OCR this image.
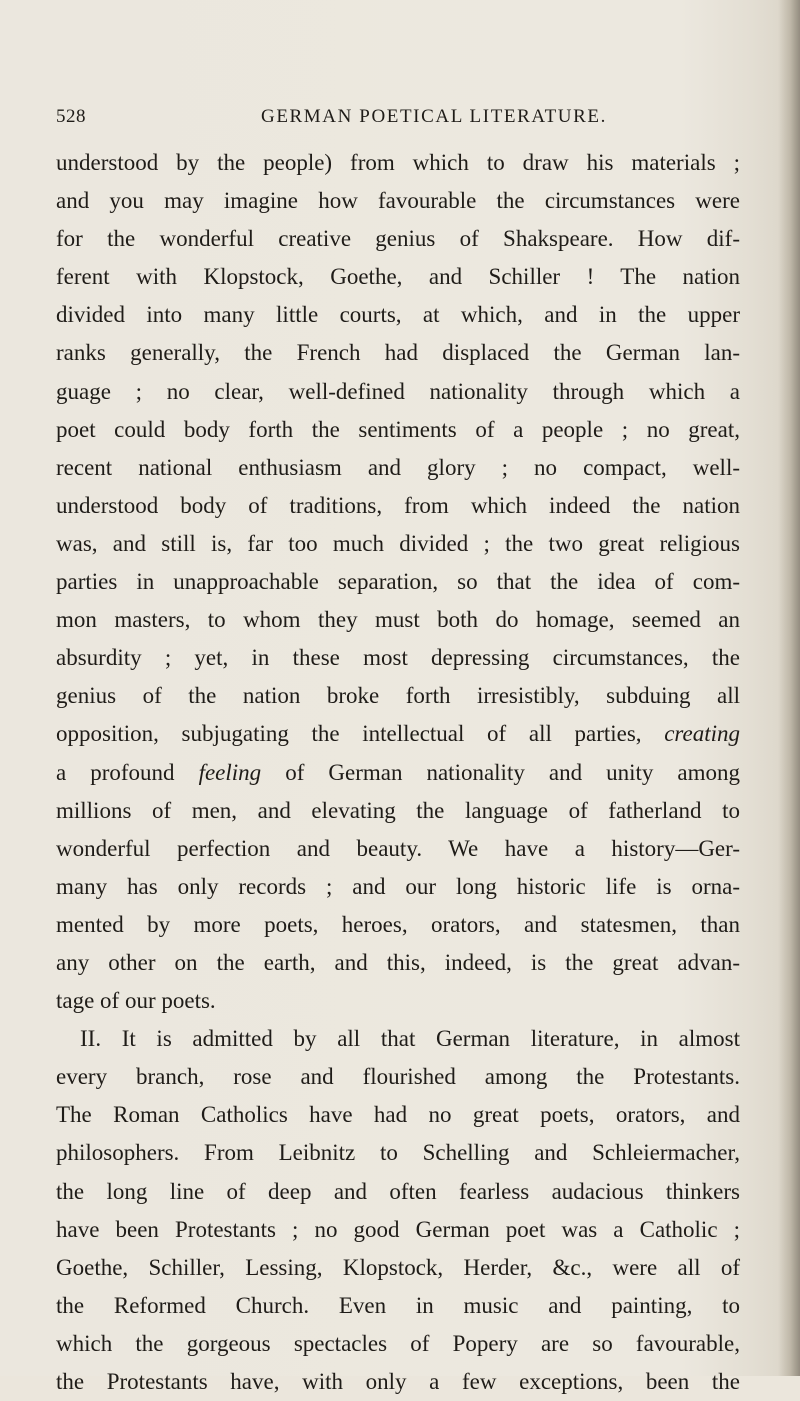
528	GERMAN POETICAL LITERATURE.
understood by the people) from which to draw his materials ;
and you may imagine how favourable the circumstances were
for the wonderful creative genius of Shakspeare. How dif-
ferent with Klopstock, Goethe, and Schiller ! The nation
divided into many little courts, at which, and in the upper
ranks generally, the French had displaced the German lan-
guage ; no clear, well-defined nationality through which a
poet could body forth the sentiments of a people ; no great,
recent national enthusiasm and glory ; no compact, well-
understood body of traditions, from which indeed the nation
was, and still is, far too much divided ; the two great religious
parties in unapproachable separation, so that the idea of com-
mon masters, to whom they must both do homage, seemed an
absurdity ; yet, in these most depressing circumstances, the
genius of the nation broke forth irresistibly, subduing all
opposition, subjugating the intellectual of all parties, creating
a profound feeling of German nationality and unity among
millions of men, and elevating the language of fatherland to
wonderful perfection and beauty. We have a history—Ger-
many has only records ; and our long historic life is orna-
mented by more poets, heroes, orators, and statesmen, than
any other on the earth, and this, indeed, is the great advan-
tage of our poets.
II. It is admitted by all that German literature, in almost
every branch, rose and flourished among the Protestants.
The Roman Catholics have had no great poets, orators, and
philosophers. From Leibnitz to Schelling and Schleiermacher,
the long line of deep and often fearless audacious thinkers
have been Protestants ; no good German poet was a Catholic ;
Goethe, Schiller, Lessing, Klopstock, Herder, &c., were all of
the Reformed Church. Even in music and painting, to
which the gorgeous spectacles of Popery are so favourable,
the Protestants have, with only a few exceptions, been the
